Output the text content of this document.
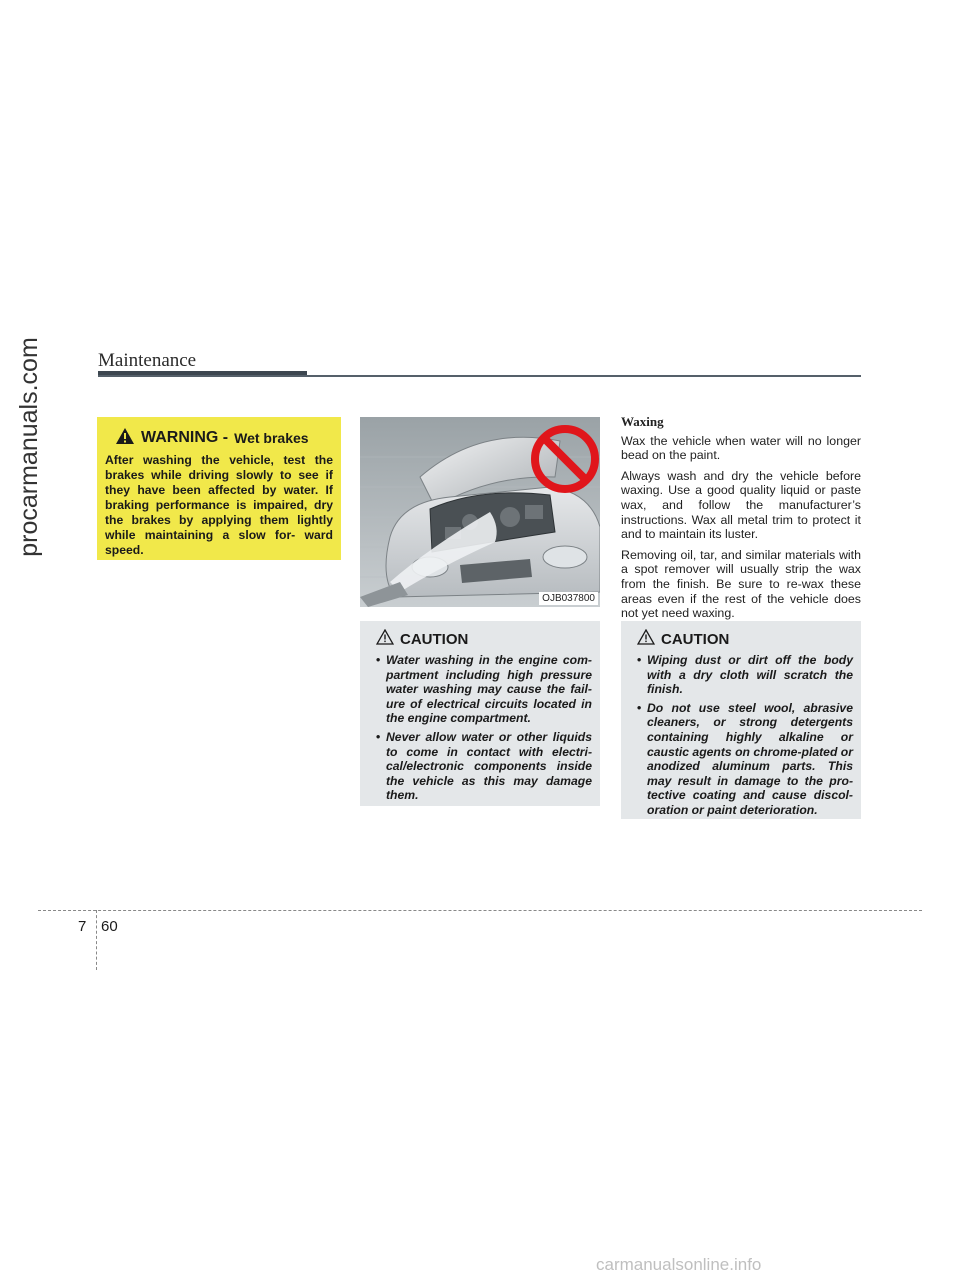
Maintenance
WARNING - Wet brakes
After washing the vehicle, test the brakes while driving slowly to see if they have been affected by water. If braking performance is impaired, dry the brakes by applying them lightly while maintaining a slow for- ward speed.
OJB037800
Waxing

Wax the vehicle when water will no longer bead on the paint.

Always wash and dry the vehicle before waxing. Use a good quality liquid or paste wax, and follow the manufacturer’s instructions. Wax all metal trim to protect it and to maintain its luster.

Removing oil, tar, and similar materials with a spot remover will usually strip the wax from the finish. Be sure to re-wax these areas even if the rest of the vehicle does not yet need waxing.

CAUTION
• Water washing in the engine com- partment including high pressure water washing may cause the fail- ure of electrical circuits located in the engine compartment.
• Never allow water or other liquids to come in contact with electri- cal/electronic components inside the vehicle as this may damage them.
CAUTION
• Wiping dust or dirt off the body with a dry cloth will scratch the finish.
• Do not use steel wool, abrasive cleaners, or strong detergents containing highly alkaline or caustic agents on chrome-plated or anodized aluminum parts. This may result in damage to the pro- tective coating and cause discol- oration or paint deterioration.
7 60
procarmanuals.com
carmanualsonline.info
